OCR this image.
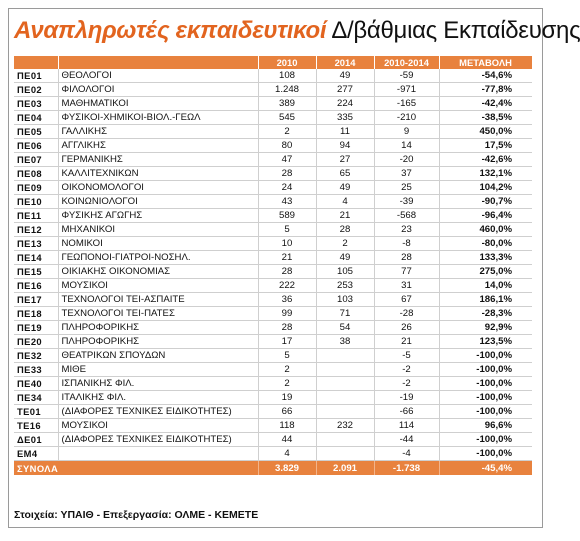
Αναπληρωτές εκπαιδευτικοί Δ/βάθμιας Εκπαίδευσης
		2010	2014	2010-2014	ΜΕΤΑΒΟΛΗ
ΠΕ01	ΘΕΟΛΟΓΟΙ	108	49	-59	-54,6%
ΠΕ02	ΦΙΛΟΛΟΓΟΙ	1.248	277	-971	-77,8%
ΠΕ03	ΜΑΘΗΜΑΤΙΚΟΙ	389	224	-165	-42,4%
ΠΕ04	ΦΥΣΙΚΟΙ-ΧΗΜΙΚΟΙ-ΒΙΟΛ.-ΓΕΩΛ	545	335	-210	-38,5%
ΠΕ05	ΓΑΛΛΙΚΗΣ	2	11	9	450,0%
ΠΕ06	ΑΓΓΛΙΚΗΣ	80	94	14	17,5%
ΠΕ07	ΓΕΡΜΑΝΙΚΗΣ	47	27	-20	-42,6%
ΠΕ08	ΚΑΛΛΙΤΕΧΝΙΚΩΝ	28	65	37	132,1%
ΠΕ09	ΟΙΚΟΝΟΜΟΛΟΓΟΙ	24	49	25	104,2%
ΠΕ10	ΚΟΙΝΩΝΙΟΛΟΓΟΙ	43	4	-39	-90,7%
ΠΕ11	ΦΥΣΙΚΗΣ ΑΓΩΓΗΣ	589	21	-568	-96,4%
ΠΕ12	ΜΗΧΑΝΙΚΟΙ	5	28	23	460,0%
ΠΕ13	ΝΟΜΙΚΟΙ	10	2	-8	-80,0%
ΠΕ14	ΓΕΩΠΟΝΟΙ-ΓΙΑΤΡΟΙ-ΝΟΣΗΛ.	21	49	28	133,3%
ΠΕ15	ΟΙΚΙΑΚΗΣ ΟΙΚΟΝΟΜΙΑΣ	28	105	77	275,0%
ΠΕ16	ΜΟΥΣΙΚΟΙ	222	253	31	14,0%
ΠΕ17	ΤΕΧΝΟΛΟΓΟΙ ΤΕΙ-ΑΣΠΑΙΤΕ	36	103	67	186,1%
ΠΕ18	ΤΕΧΝΟΛΟΓΟΙ ΤΕΙ-ΠΑΤΕΣ	99	71	-28	-28,3%
ΠΕ19	ΠΛΗΡΟΦΟΡΙΚΗΣ	28	54	26	92,9%
ΠΕ20	ΠΛΗΡΟΦΟΡΙΚΗΣ	17	38	21	123,5%
ΠΕ32	ΘΕΑΤΡΙΚΩΝ ΣΠΟΥΔΩΝ	5		-5	-100,0%
ΠΕ33	ΜΙΘΕ	2		-2	-100,0%
ΠΕ40	ΙΣΠΑΝΙΚΗΣ ΦΙΛ.	2		-2	-100,0%
ΠΕ34	ΙΤΑΛΙΚΗΣ ΦΙΛ.	19		-19	-100,0%
ΤΕ01	(ΔΙΑΦΟΡΕΣ ΤΕΧΝΙΚΕΣ ΕΙΔΙΚΟΤΗΤΕΣ)	66		-66	-100,0%
ΤΕ16	ΜΟΥΣΙΚΟΙ	118	232	114	96,6%
ΔΕ01	(ΔΙΑΦΟΡΕΣ ΤΕΧΝΙΚΕΣ ΕΙΔΙΚΟΤΗΤΕΣ)	44		-44	-100,0%
ΕΜ4		4		-4	-100,0%
ΣΥΝΟΛΑ		3.829	2.091	-1.738	-45,4%
Στοιχεία: ΥΠΑΙΘ - Επεξεργασία: ΟΛΜΕ - ΚΕΜΕΤΕ
